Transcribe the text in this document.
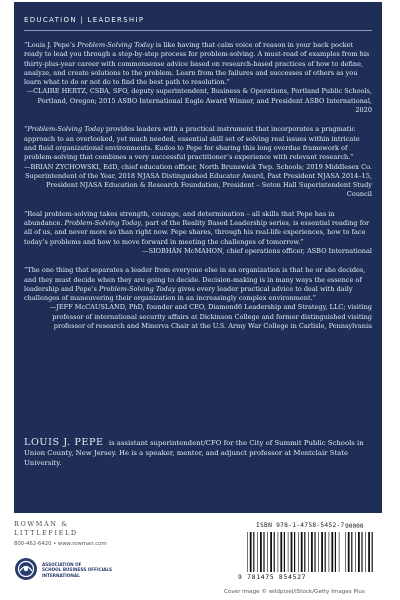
EDUCATION | LEADERSHIP

“Louis J. Pepe’s Problem-Solving Today is like having that calm voice of reason in your back pocket ready to lead you through a step-by-step process for problem-solving. A must-read of examples from his thirty-plus-year career with commonsense advice based on research-based practices of how to define, analyze, and create solutions to the problem. Learn from the failures and successes of others as you learn what to do or not do to find the best path to resolution.”

—CLAIRE HERTZ, CSBA, SFO, deputy superintendent, Business & Operations, Portland Public Schools, Portland, Oregon; 2015 ASBO International Eagle Award Winner, and President ASBO International, 2020

“Problem-Solving Today provides leaders with a practical instrument that incorporates a pragmatic approach to an overlooked, yet much needed, essential skill set of solving real issues within intricate and fluid organizational environments. Kudos to Pepe for sharing this long overdue framework of problem-solving that combines a very successful practitioner’s experience with relevant research.”

—BRIAN ZYCHOWSKI, EdD, chief education officer, North Brunswick Twp. Schools; 2019 Middlesex Co. Superintendent of the Year, 2018 NJASA Distinguished Educator Award, Past President NJASA 2014–15, President NJASA Education & Research Foundation, President – Seton Hall Superintendent Study Council

“Real problem-solving takes strength, courage, and determination – all skills that Pepe has in abundance. Problem-Solving Today, part of the Reality Based Leadership series, is essential reading for all of us, and never more so than right now. Pepe shares, through his real-life experiences, how to face today’s problems and how to move forward in meeting the challenges of tomorrow.”

—SIOBHÁN McMAHON, chief operations officer, ASBO International

“The one thing that separates a leader from everyone else in an organization is that he or she decides, and they must decide when they are going to decide. Decision-making is in many ways the essence of leadership and Pepe’s Problem-Solving Today gives every leader practical advice to deal with daily challenges of maneuvering their organization in an increasingly complex environment.”

—JEFF McCAUSLAND, PhD, founder and CEO, Diamond6 Leadership and Strategy, LLC; visiting professor of international security affairs at Dickinson College and former distinguished visiting professor of research and Minerva Chair at the U.S. Army War College in Carlisle, Pennsylvania

LOUIS J. PEPE is assistant superintendent/CFO for the City of Summit Public Schools in Union County, New Jersey. He is a speaker, mentor, and adjunct professor at Montclair State University.
ROWMAN &
LITTLEFIELD
800-462-6420 • www.rowman.com
ASSOCIATION OF
SCHOOL BUSINESS OFFICIALS
INTERNATIONAL
ISBN 978-1-4758-5452-7 90000
9 781475 854527
Cover image © wildpixel/iStock/Getty Images Plus
